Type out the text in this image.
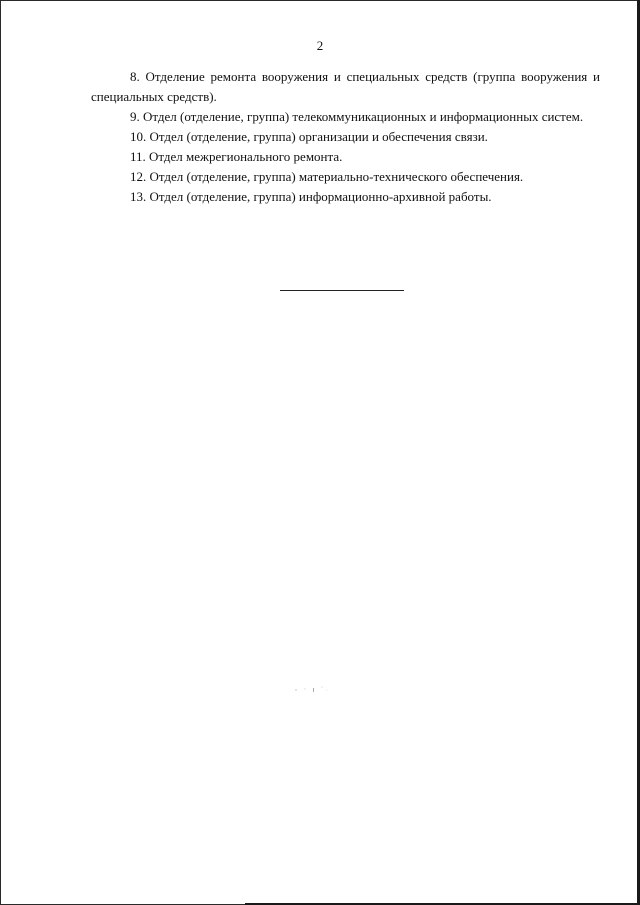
2

8. Отделение ремонта вооружения и специальных средств (группа вооружения и специальных средств).

9. Отдел (отделение, группа) телекоммуникационных и информационных систем.

10. Отдел (отделение, группа) организации и обеспечения связи.

11. Отдел межрегионального ремонта.

12. Отдел (отделение, группа) материально-технического обеспечения.

13. Отдел (отделение, группа) информационно-архивной работы.
